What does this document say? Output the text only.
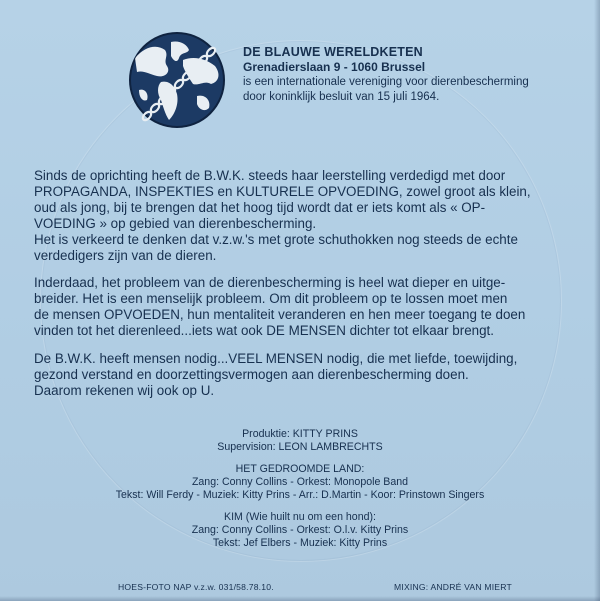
DE BLAUWE WERELDKETEN
Grenadierslaan 9 - 1060 Brussel
is een internationale vereniging voor dierenbescherming
door koninklijk besluit van 15 juli 1964.

Sinds de oprichting heeft de B.W.K. steeds haar leerstelling verdedigd met door
PROPAGANDA, INSPEKTIES en KULTURELE OPVOEDING, zowel groot als klein,
oud als jong, bij te brengen dat het hoog tijd wordt dat er iets komt als « OP-
VOEDING » op gebied van dierenbescherming.
Het is verkeerd te denken dat v.z.w.'s met grote schuthokken nog steeds de echte
verdedigers zijn van de dieren.

Inderdaad, het probleem van de dierenbescherming is heel wat dieper en uitge-
breider. Het is een menselijk probleem. Om dit probleem op te lossen moet men
de mensen OPVOEDEN, hun mentaliteit veranderen en hen meer toegang te doen
vinden tot het dierenleed...iets wat ook DE MENSEN dichter tot elkaar brengt.

De B.W.K. heeft mensen nodig...VEEL MENSEN nodig, die met liefde, toewijding,
gezond verstand en doorzettingsvermogen aan dierenbescherming doen.
Daarom rekenen wij ook op U.

Produktie: KITTY PRINS
Supervision: LEON LAMBRECHTS
HET GEDROOMDE LAND:
Zang: Conny Collins - Orkest: Monopole Band
Tekst: Will Ferdy - Muziek: Kitty Prins - Arr.: D.Martin - Koor: Prinstown Singers
KIM (Wie huilt nu om een hond):
Zang: Conny Collins - Orkest: O.l.v. Kitty Prins
Tekst: Jef Elbers - Muziek: Kitty Prins
HOES-FOTO NAP v.z.w. 031/58.78.10.	MIXING: ANDRÉ VAN MIERT
